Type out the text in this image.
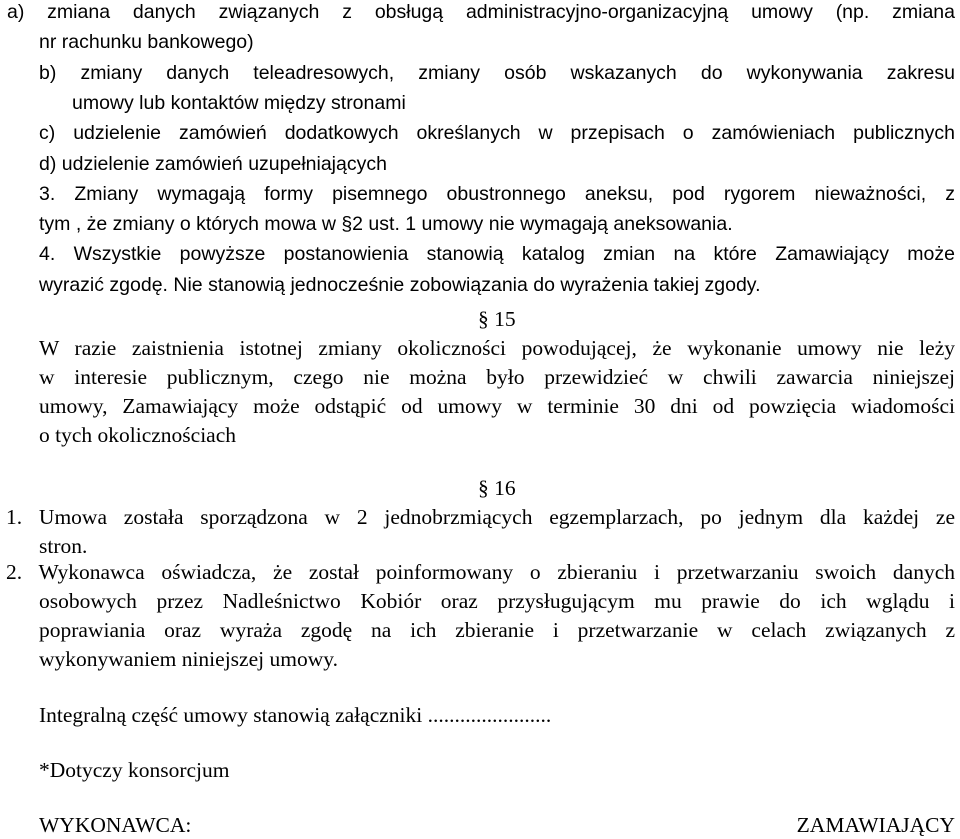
a) zmiana danych związanych z obsługą administracyjno-organizacyjną umowy (np. zmiana
nr rachunku bankowego)
b) zmiany danych teleadresowych, zmiany osób wskazanych do wykonywania zakresu
umowy lub kontaktów między stronami
c) udzielenie zamówień dodatkowych określanych w przepisach o zamówieniach publicznych
d) udzielenie zamówień uzupełniających
3. Zmiany wymagają formy pisemnego obustronnego aneksu, pod rygorem nieważności, z
tym , że zmiany o których mowa w §2 ust. 1 umowy nie wymagają aneksowania.
4. Wszystkie powyższe postanowienia stanowią katalog zmian na które Zamawiający może
wyrazić zgodę. Nie stanowią jednocześnie zobowiązania do wyrażenia takiej zgody.
§ 15
W razie zaistnienia istotnej zmiany okoliczności powodującej, że wykonanie umowy nie leży
w interesie publicznym, czego nie można było przewidzieć w chwili zawarcia niniejszej
umowy, Zamawiający może odstąpić od umowy w terminie 30 dni od powzięcia wiadomości
o tych okolicznościach
§ 16
1. Umowa została sporządzona w 2 jednobrzmiących egzemplarzach, po jednym dla każdej ze
stron.
2. Wykonawca oświadcza, że został poinformowany o zbieraniu i przetwarzaniu swoich danych
osobowych przez Nadleśnictwo Kobiór oraz przysługującym mu prawie do ich wglądu i
poprawiania oraz wyraża zgodę na ich zbieranie i przetwarzanie w celach związanych z
wykonywaniem niniejszej umowy.
Integralną część umowy stanowią załączniki .......................
*Dotyczy konsorcjum
WYKONAWCA:	ZAMAWIAJĄCY
